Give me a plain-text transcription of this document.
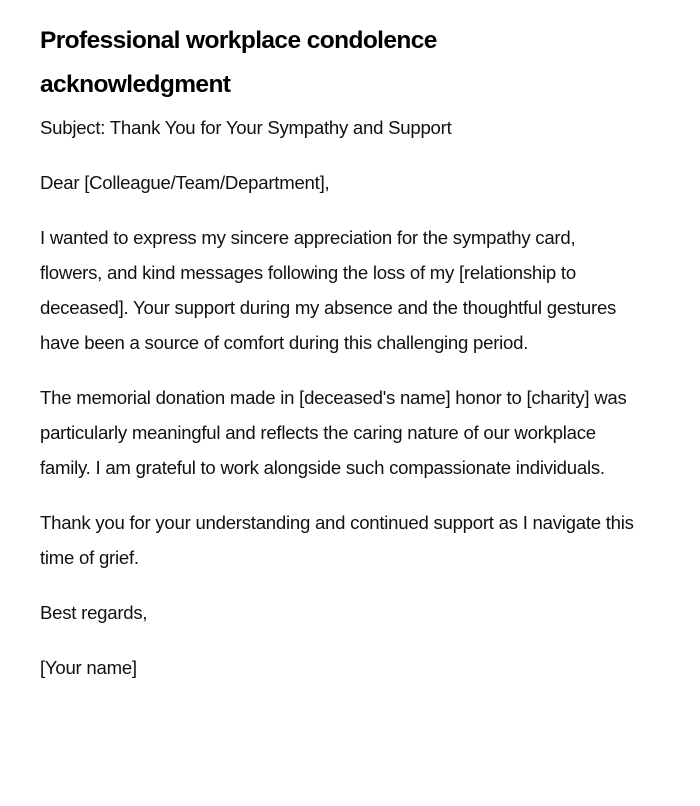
Professional workplace condolence acknowledgment

Subject: Thank You for Your Sympathy and Support

Dear [Colleague/Team/Department],

I wanted to express my sincere appreciation for the sympathy card, flowers, and kind messages following the loss of my [relationship to deceased]. Your support during my absence and the thoughtful gestures have been a source of comfort during this challenging period.

The memorial donation made in [deceased's name] honor to [charity] was particularly meaningful and reflects the caring nature of our workplace family. I am grateful to work alongside such compassionate individuals.

Thank you for your understanding and continued support as I navigate this time of grief.

Best regards,

[Your name]
